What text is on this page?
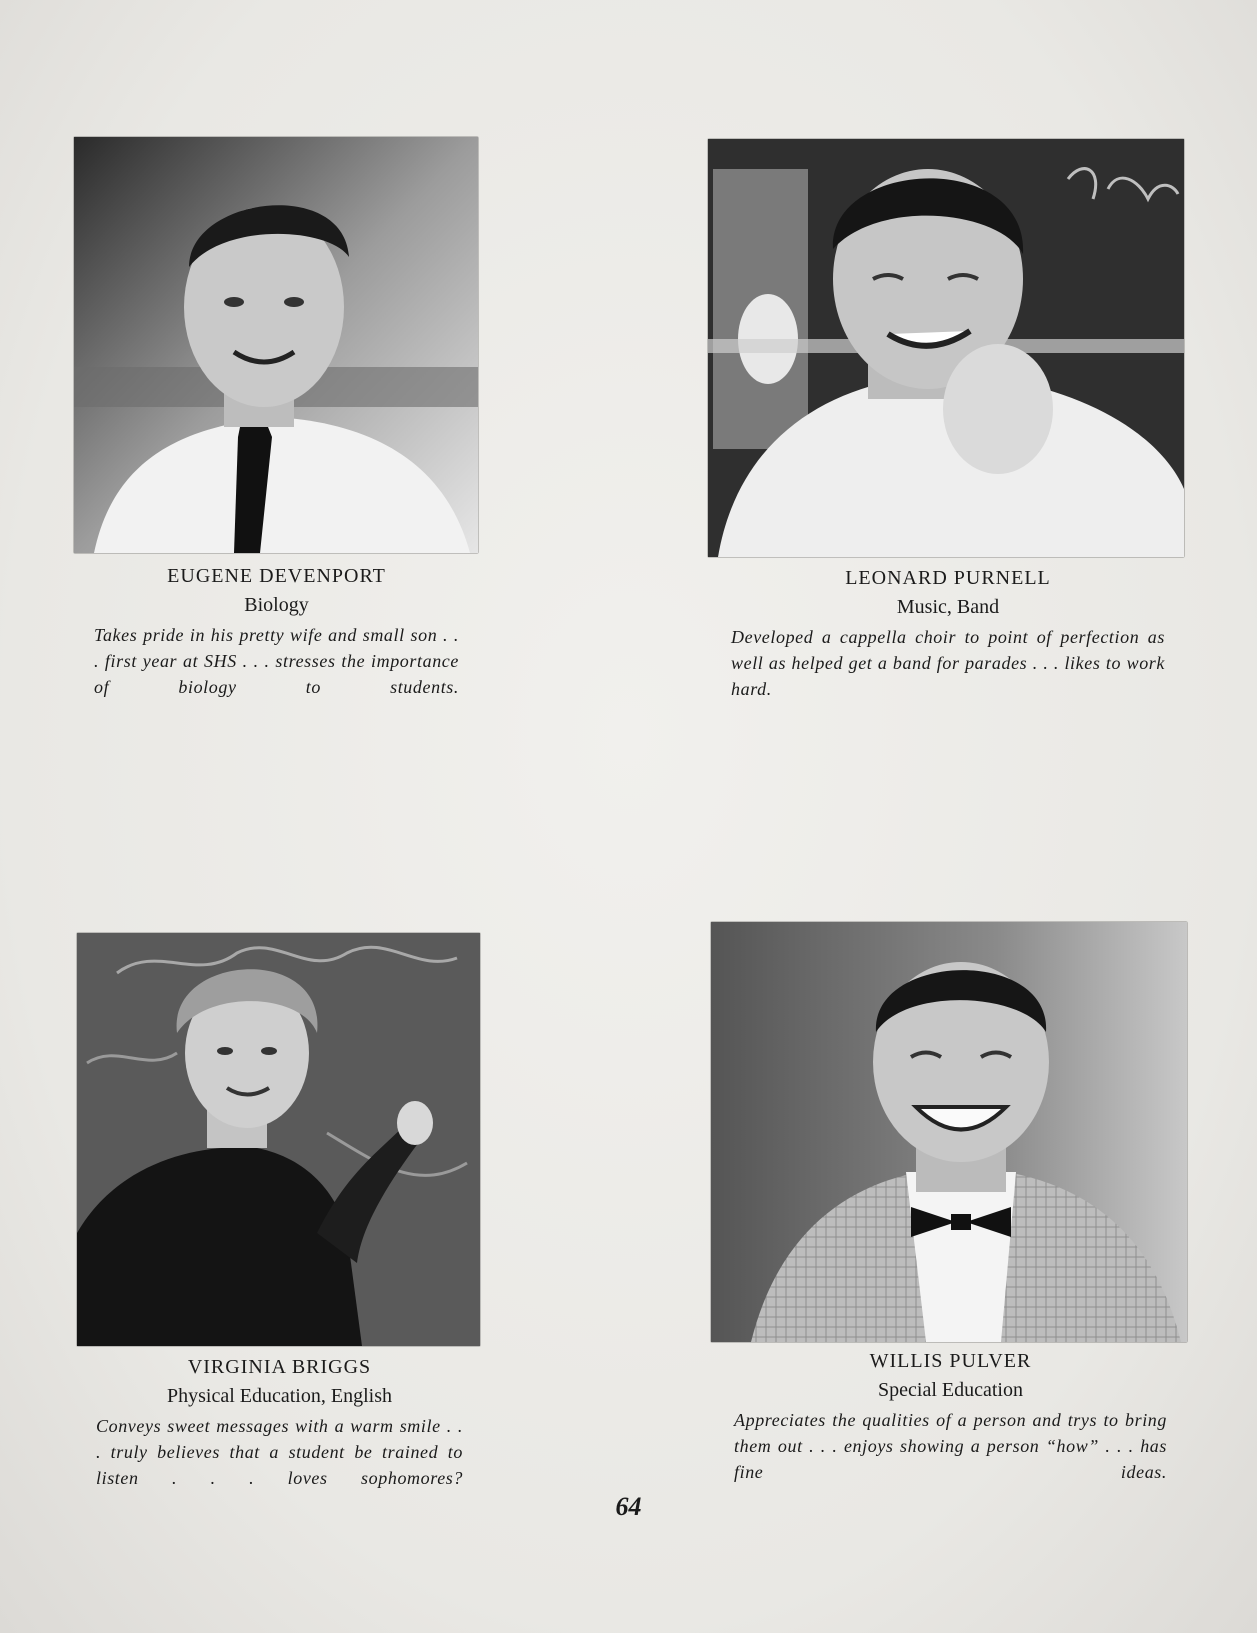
EUGENE DEVENPORT

Biology

Takes pride in his pretty wife and small son . . . first year at SHS . . . stresses the importance of biology to students.

LEONARD PURNELL

Music, Band

Developed a cappella choir to point of perfection as well as helped get a band for parades . . . likes to work hard.

VIRGINIA BRIGGS

Physical Education, English

Conveys sweet messages with a warm smile . . . truly believes that a student be trained to listen . . . loves sophomores?

WILLIS PULVER

Special Education

Appreciates the qualities of a person and trys to bring them out . . . enjoys showing a person “how” . . . has fine ideas.

64
